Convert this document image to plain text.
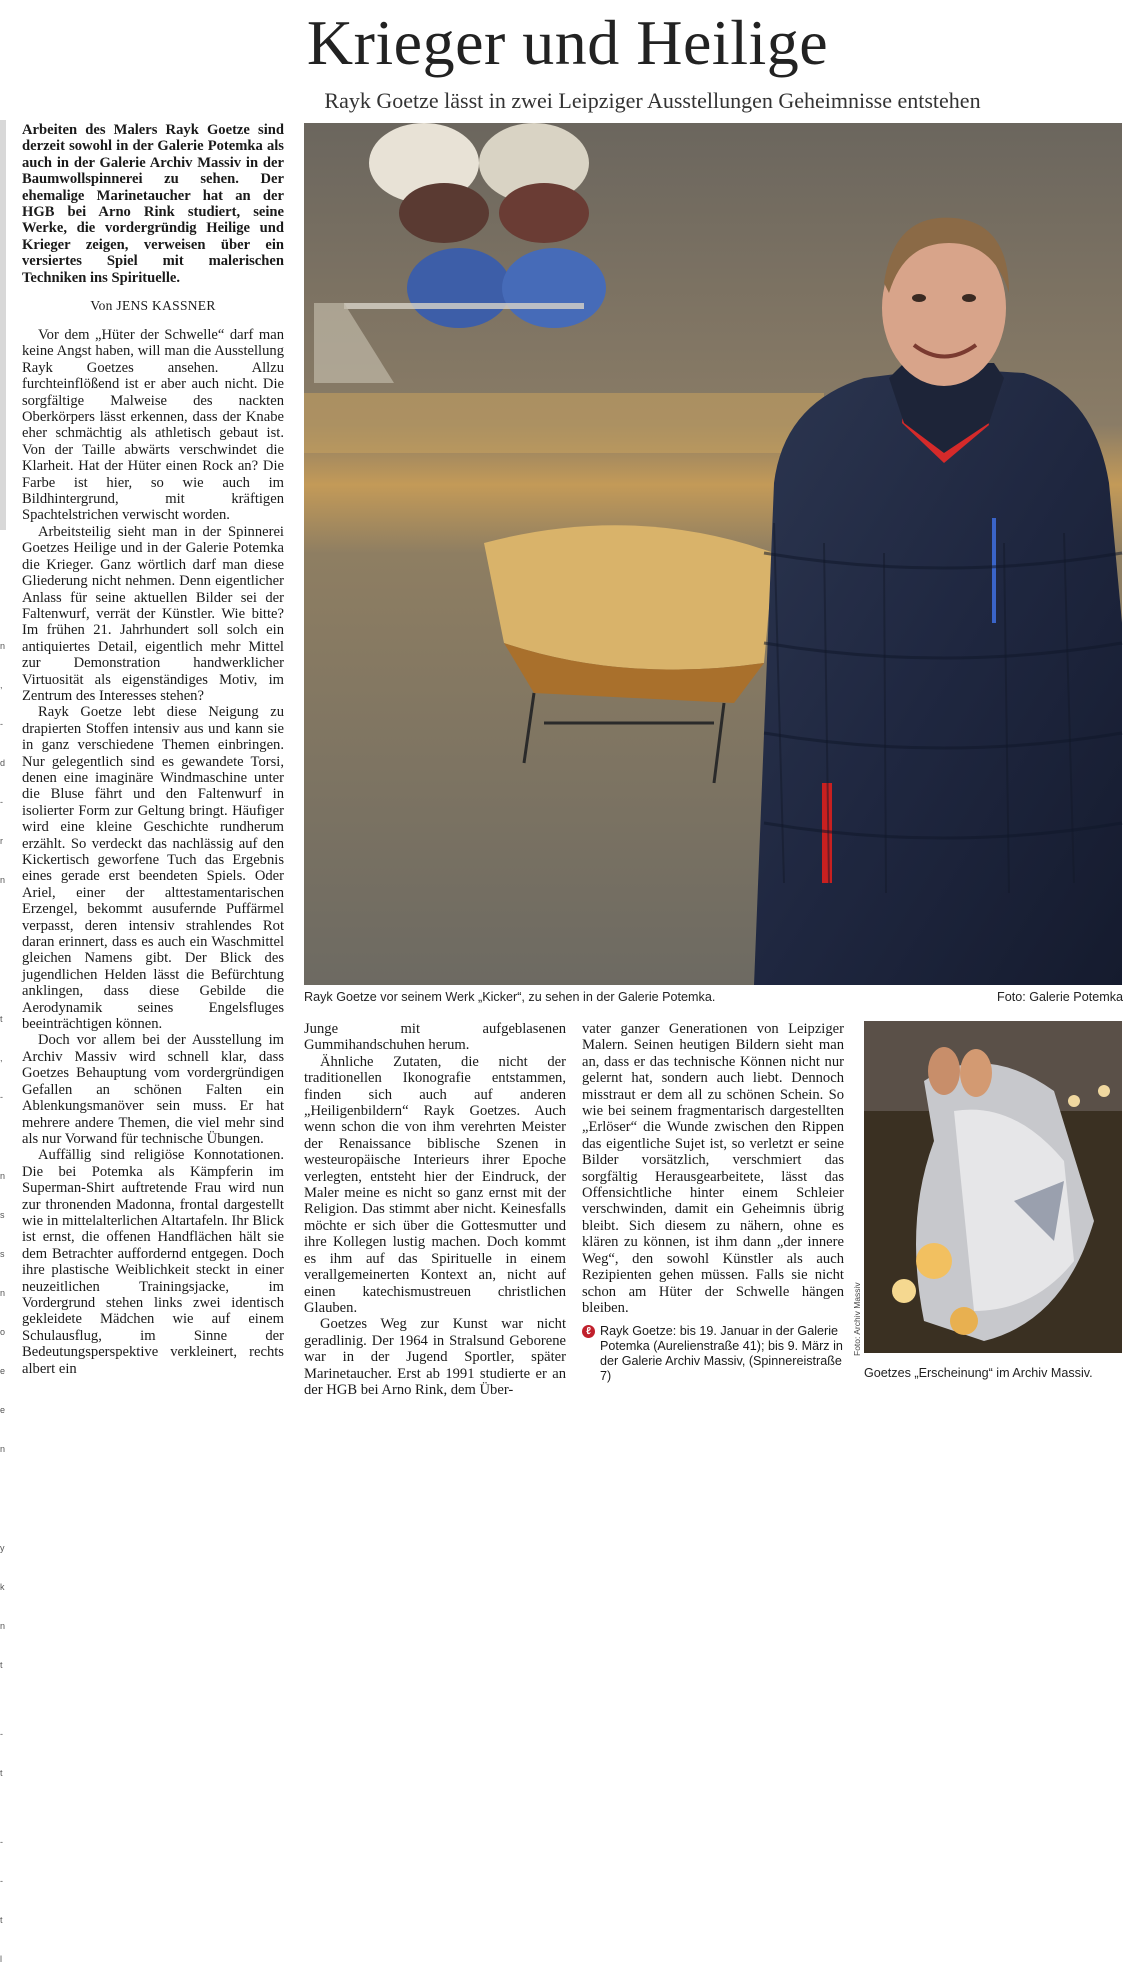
Krieger und Heilige
Rayk Goetze lässt in zwei Leipziger Ausstellungen Geheimnisse entstehen

n

,

-

d

-

r

n

t

,

-

n

s

s

n

o

e

e

n

y

k

n

t

-

t

-

-

t

l

Arbeiten des Malers Rayk Goetze sind derzeit sowohl in der Galerie Potemka als auch in der Galerie Archiv Massiv in der Baumwollspinnerei zu sehen. Der ehemalige Marinetaucher hat an der HGB bei Arno Rink studiert, seine Werke, die vordergründig Heilige und Krieger zeigen, verweisen über ein versiertes Spiel mit malerischen Techniken ins Spirituelle.
Von JENS KASSNER

Vor dem „Hüter der Schwelle“ darf man keine Angst haben, will man die Ausstellung Rayk Goetzes ansehen. Allzu furchteinflößend ist er aber auch nicht. Die sorgfältige Malweise des nackten Oberkörpers lässt erkennen, dass der Knabe eher schmächtig als athletisch gebaut ist. Von der Taille abwärts verschwindet die Klarheit. Hat der Hüter einen Rock an? Die Farbe ist hier, so wie auch im Bildhintergrund, mit kräftigen Spachtelstrichen verwischt worden.

Arbeitsteilig sieht man in der Spinnerei Goetzes Heilige und in der Galerie Potemka die Krieger. Ganz wörtlich darf man diese Gliederung nicht nehmen. Denn eigentlicher Anlass für seine aktuellen Bilder sei der Faltenwurf, verrät der Künstler. Wie bitte? Im frühen 21. Jahrhundert soll solch ein antiquiertes Detail, eigentlich mehr Mittel zur Demonstration handwerklicher Virtuosität als eigenständiges Motiv, im Zentrum des Interesses stehen?

Rayk Goetze lebt diese Neigung zu drapierten Stoffen intensiv aus und kann sie in ganz verschiedene Themen einbringen. Nur gelegentlich sind es gewandete Torsi, denen eine imaginäre Windmaschine unter die Bluse fährt und den Faltenwurf in isolierter Form zur Geltung bringt. Häufiger wird eine kleine Geschichte rundherum erzählt. So verdeckt das nachlässig auf den Kickertisch geworfene Tuch das Ergebnis eines gerade erst beendeten Spiels. Oder Ariel, einer der alttestamentarischen Erzengel, bekommt ausufernde Puffärmel verpasst, deren intensiv strahlendes Rot daran erinnert, dass es auch ein Waschmittel gleichen Namens gibt. Der Blick des jugendlichen Helden lässt die Befürchtung anklingen, dass diese Gebilde die Aerodynamik seines Engelsfluges beeinträchtigen können.

Doch vor allem bei der Ausstellung im Archiv Massiv wird schnell klar, dass Goetzes Behauptung vom vordergründigen Gefallen an schönen Falten ein Ablenkungsmanöver sein muss. Er hat mehrere andere Themen, die viel mehr sind als nur Vorwand für technische Übungen.

Auffällig sind religiöse Konnotationen. Die bei Potemka als Kämpferin im Superman-Shirt auftretende Frau wird nun zur thronenden Madonna, frontal dargestellt wie in mittelalterlichen Altartafeln. Ihr Blick ist ernst, die offenen Handflächen hält sie dem Betrachter auffordernd entgegen. Doch ihre plastische Weiblichkeit steckt in einer neuzeitlichen Trainingsjacke, im Vordergrund stehen links zwei identisch gekleidete Mädchen wie auf einem Schulausflug, im Sinne der Bedeutungsperspektive verkleinert, rechts albert ein

Rayk Goetze vor seinem Werk „Kicker“, zu sehen in der Galerie Potemka.	Foto: Galerie Potemka

Junge mit aufgeblasenen Gummihandschuhen herum.

Ähnliche Zutaten, die nicht der traditionellen Ikonografie entstammen, finden sich auch auf anderen „Heiligenbildern“ Rayk Goetzes. Auch wenn schon die von ihm verehrten Meister der Renaissance biblische Szenen in westeuropäische Interieurs ihrer Epoche verlegten, entsteht hier der Eindruck, der Maler meine es nicht so ganz ernst mit der Religion. Das stimmt aber nicht. Keinesfalls möchte er sich über die Gottesmutter und ihre Kollegen lustig machen. Doch kommt es ihm auf das Spirituelle in einem verallgemeinerten Kontext an, nicht auf einen katechismustreuen christlichen Glauben.

Goetzes Weg zur Kunst war nicht geradlinig. Der 1964 in Stralsund Geborene war in der Jugend Sportler, später Marinetaucher. Erst ab 1991 studierte er an der HGB bei Arno Rink, dem Über-

vater ganzer Generationen von Leipziger Malern. Seinen heutigen Bildern sieht man an, dass er das technische Können nicht nur gelernt hat, sondern auch liebt. Dennoch misstraut er dem all zu schönen Schein. So wie bei seinem fragmentarisch dargestellten „Erlöser“ die Wunde zwischen den Rippen das eigentliche Sujet ist, so verletzt er seine Bilder vorsätzlich, verschmiert das sorgfältig Herausgearbeitete, lässt das Offensichtliche hinter einem Schleier verschwinden, damit ein Geheimnis übrig bleibt. Sich diesem zu nähern, ohne es klären zu können, ist ihm dann „der innere Weg“, den sowohl Künstler als auch Rezipienten gehen müssen. Falls sie nicht schon am Hüter der Schwelle hängen bleiben.

ℓ Rayk Goetze: bis 19. Januar in der Galerie Potemka (Aurelienstraße 41); bis 9. März in der Galerie Archiv Massiv, (Spinnereistraße 7)

Foto: Archiv Massiv
Goetzes „Erscheinung“ im Archiv Massiv.
